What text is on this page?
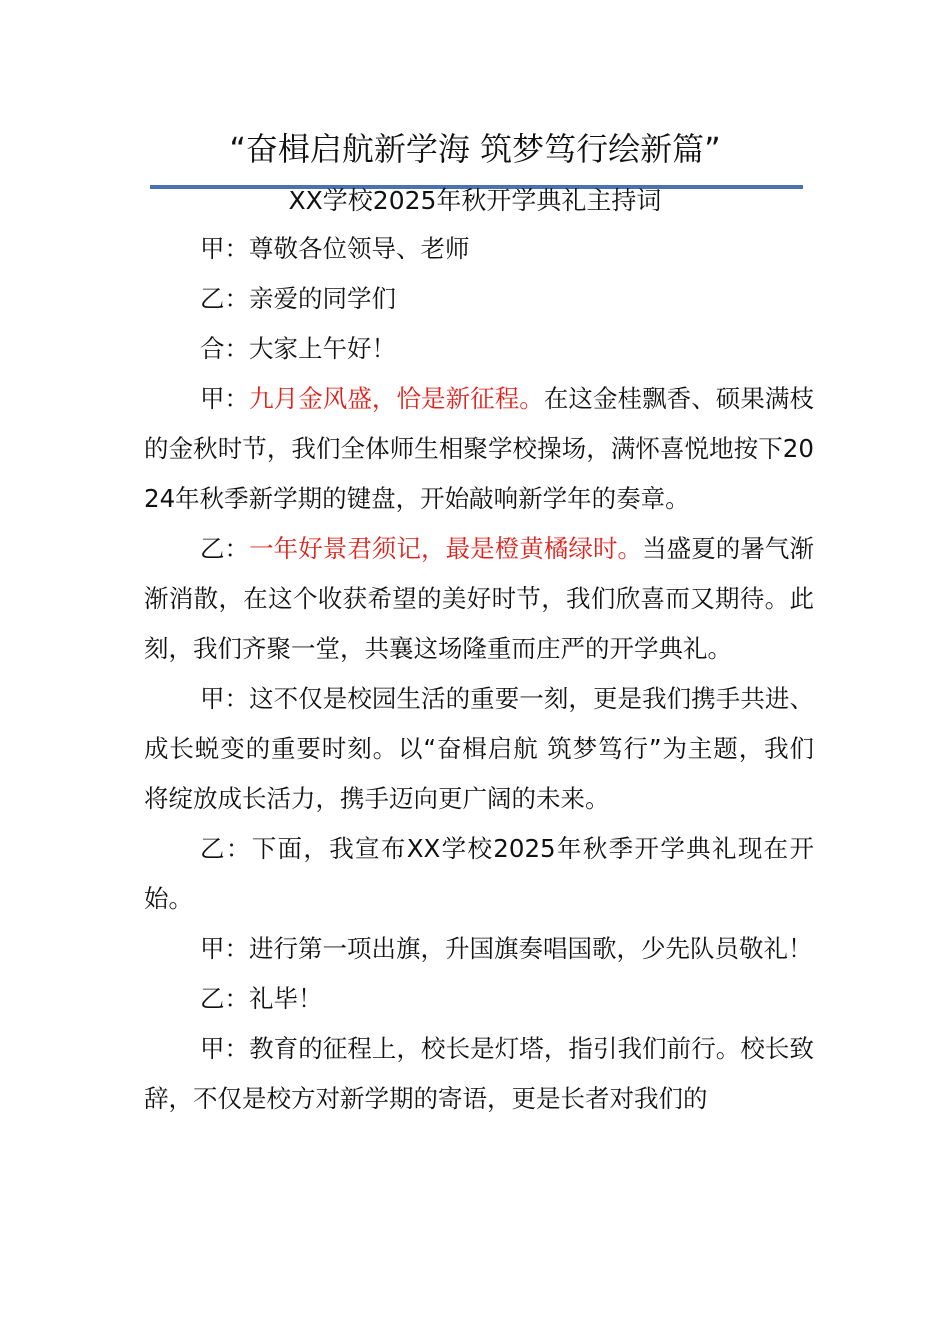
“奋楫启航新学海 筑梦笃行绘新篇”

XX学校2025年秋开学典礼主持词

甲：尊敬各位领导、老师

乙：亲爱的同学们

合：大家上午好！

甲：九月金风盛，恰是新征程。在这金桂飘香、硕果满枝的金秋时节，我们全体师生相聚学校操场，满怀喜悦地按下2024年秋季新学期的键盘，开始敲响新学年的奏章。

乙：一年好景君须记，最是橙黄橘绿时。当盛夏的暑气渐渐消散，在这个收获希望的美好时节，我们欣喜而又期待。此刻，我们齐聚一堂，共襄这场隆重而庄严的开学典礼。

甲：这不仅是校园生活的重要一刻，更是我们携手共进、成长蜕变的重要时刻。以“奋楫启航 筑梦笃行”为主题，我们将绽放成长活力，携手迈向更广阔的未来。

乙：下面，我宣布XX学校2025年秋季开学典礼现在开始。

甲：进行第一项出旗，升国旗奏唱国歌，少先队员敬礼！

乙：礼毕！

甲：教育的征程上，校长是灯塔，指引我们前行。校长致辞，不仅是校方对新学期的寄语，更是长者对我们的
